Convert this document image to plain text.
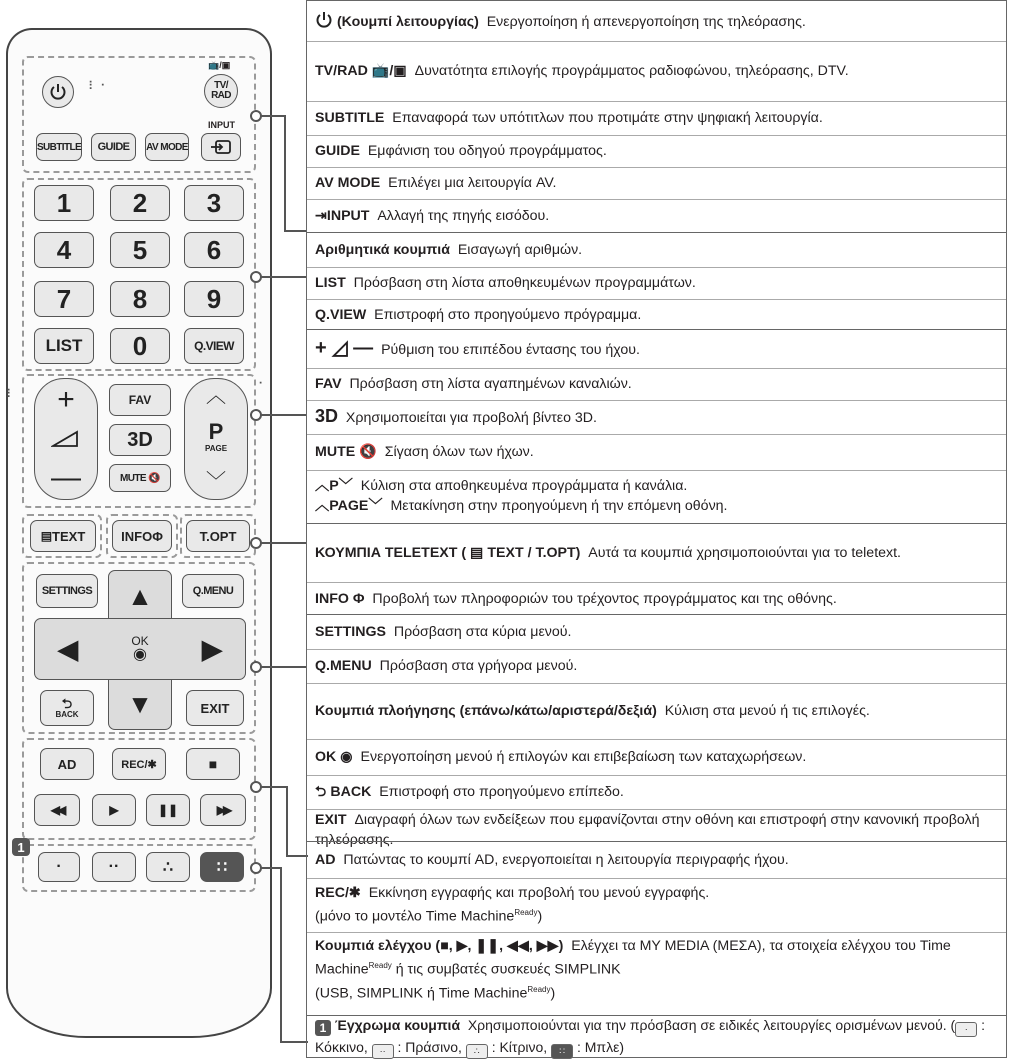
⠇ ⠂
📺/▣
TV/
RAD
INPUT
SUBTITLE	GUIDE	AV MODE
1	2	3
4	5	6
7	8	9
LIST	0	Q.VIEW
⠇
⠂
+
—
FAV
3D
MUTE 🔇
︿
P
PAGE
﹀
▤ TEXT	INFO Φ	T.OPT
SETTINGS ▲	Q.MENU
◀	OK
◉ ▶
⮌
BACK ▼	EXIT
AD	REC/✱	■
◀◀	▶	❚❚	▶▶
1
·	··	∴	∷
(Κουμπί λειτουργίας) Ενεργοποίηση ή απενεργοποίηση της τηλεόρασης.
TV/RAD 📺/▣ Δυνατότητα επιλογής προγράμματος ραδιοφώνου, τηλεόρασης, DTV.
SUBTITLE Επαναφορά των υπότιτλων που προτιμάτε στην ψηφιακή λειτουργία.
GUIDE Εμφάνιση του οδηγού προγράμματος.
AV MODE Επιλέγει μια λειτουργία AV.
⇥INPUT Αλλαγή της πηγής εισόδου.
Αριθμητικά κουμπιά Εισαγωγή αριθμών.
LIST Πρόσβαση στη λίστα αποθηκευμένων προγραμμάτων.
Q.VIEW Επιστροφή στο προηγούμενο πρόγραμμα.
+ ◿ — Ρύθμιση του επιπέδου έντασης του ήχου.
FAV Πρόσβαση στη λίστα αγαπημένων καναλιών.
3D Χρησιμοποιείται για προβολή βίντεο 3D.
MUTE 🔇 Σίγαση όλων των ήχων.
︿P﹀ Κύλιση στα αποθηκευμένα προγράμματα ή κανάλια.
︿PAGE﹀ Μετακίνηση στην προηγούμενη ή την επόμενη οθόνη.
ΚΟΥΜΠΙΑ TELETEXT ( ▤ TEXT / T.OPT) Αυτά τα κουμπιά χρησιμοποιούνται για το teletext.
INFO Φ Προβολή των πληροφοριών του τρέχοντος προγράμματος και της οθόνης.
SETTINGS Πρόσβαση στα κύρια μενού.
Q.MENU Πρόσβαση στα γρήγορα μενού.
Κουμπιά πλοήγησης (επάνω/κάτω/αριστερά/δεξιά) Κύλιση στα μενού ή τις επιλογές.
OK ◉ Ενεργοποίηση μενού ή επιλογών και επιβεβαίωση των καταχωρήσεων.
⮌ BACK Επιστροφή στο προηγούμενο επίπεδο.
EXIT Διαγραφή όλων των ενδείξεων που εμφανίζονται στην οθόνη και επιστροφή στην κανονική προβολή τηλεόρασης.
AD Πατώντας το κουμπί AD, ενεργοποιείται η λειτουργία περιγραφής ήχου.
REC/✱ Εκκίνηση εγγραφής και προβολή του μενού εγγραφής.
(μόνο το μοντέλο Time Machine$^{Ready}$)
Κουμπιά ελέγχου (■, ▶, ❚❚, ◀◀, ▶▶) Ελέγχει τα MY MEDIA (ΜΕΣΑ), τα στοιχεία ελέγχου του Time Machine$^{Ready}$ ή τις συμβατές συσκευές SIMPLINK
(USB, SIMPLINK ή Time Machine$^{Ready}$)
1 Έγχρωμα κουμπιά Χρησιμοποιούνται για την πρόσβαση σε ειδικές λειτουργίες ορισμένων μενού. ( · : Κόκκινο, ·· : Πράσινο, ∴ : Κίτρινο, ∷ : Μπλε)
